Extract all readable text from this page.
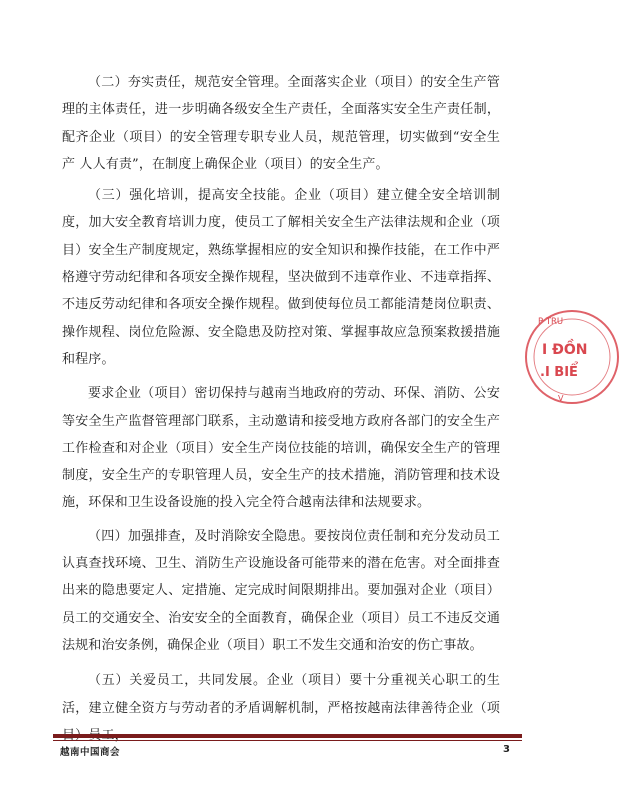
（二）夯实责任，规范安全管理。全面落实企业（项目）的安全生产管理的主体责任，进一步明确各级安全生产责任，全面落实安全生产责任制，配齐企业（项目）的安全管理专职专业人员，规范管理，切实做到“安全生产 人人有责”，在制度上确保企业（项目）的安全生产。

（三）强化培训，提高安全技能。企业（项目）建立健全安全培训制度，加大安全教育培训力度，使员工了解相关安全生产法律法规和企业（项目）安全生产制度规定，熟练掌握相应的安全知识和操作技能，在工作中严格遵守劳动纪律和各项安全操作规程，坚决做到不违章作业、不违章指挥、不违反劳动纪律和各项安全操作规程。做到使每位员工都能清楚岗位职责、操作规程、岗位危险源、安全隐患及防控对策、掌握事故应急预案救援措施和程序。

要求企业（项目）密切保持与越南当地政府的劳动、环保、消防、公安等安全生产监督管理部门联系，主动邀请和接受地方政府各部门的安全生产工作检查和对企业（项目）安全生产岗位技能的培训，确保安全生产的管理制度，安全生产的专职管理人员，安全生产的技术措施，消防管理和技术设施，环保和卫生设备设施的投入完全符合越南法律和法规要求。

（四）加强排查，及时消除安全隐患。要按岗位责任制和充分发动员工认真查找环境、卫生、消防生产设施设备可能带来的潜在危害。对全面排查出来的隐患要定人、定措施、定完成时间限期排出。要加强对企业（项目）员工的交通安全、治安安全的全面教育，确保企业（项目）员工不违反交通法规和治安条例，确保企业（项目）职工不发生交通和治安的伤亡事故。

（五）关爱员工，共同发展。企业（项目）要十分重视关心职工的生活，建立健全资方与劳动者的矛盾调解机制，严格按越南法律善待企业（项

P TRU
I ĐỒN
.I BIỂ
V
越南中国商会	3
